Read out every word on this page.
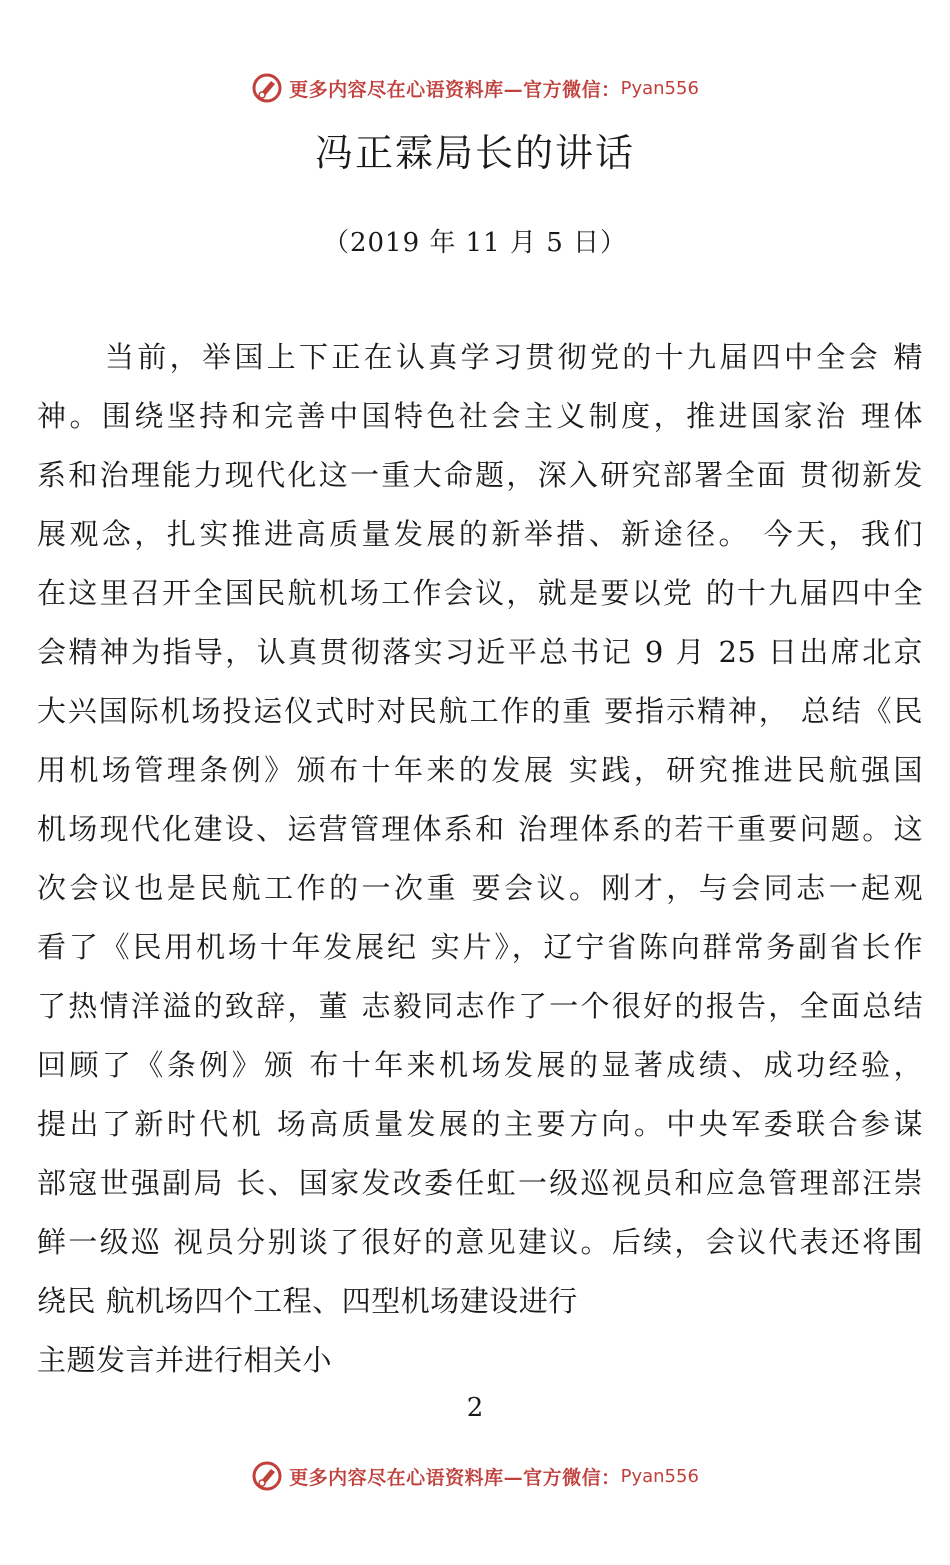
更多内容尽在心语资料库—官方微信： Pyan556
冯正霖局长的讲话
（2019 年 11 月 5 日）
当前，举国上下正在认真学习贯彻党的十九届四中全会 精
神。围绕坚持和完善中国特色社会主义制度，推进国家治 理体
系和治理能力现代化这一重大命题，深入研究部署全面 贯彻新发
展观念，扎实推进高质量发展的新举措、新途径。 今天，我们
在这里召开全国民航机场工作会议，就是要以党 的十九届四中全
会精神为指导，认真贯彻落实习近平总书记 9 月 25 日出席北京
大兴国际机场投运仪式时对民航工作的重 要指示精神， 总结《民
用机场管理条例》颁布十年来的发展 实践，研究推进民航强国
机场现代化建设、运营管理体系和 治理体系的若干重要问题。这
次会议也是民航工作的一次重 要会议。刚才，与会同志一起观
看了《民用机场十年发展纪 实片》，辽宁省陈向群常务副省长作
了热情洋溢的致辞，董 志毅同志作了一个很好的报告，全面总结
回顾了《条例》颁 布十年来机场发展的显著成绩、成功经验，
提出了新时代机 场高质量发展的主要方向。中央军委联合参谋
部寇世强副局 长、国家发改委任虹一级巡视员和应急管理部汪崇
鲜一级巡 视员分别谈了很好的意见建议。后续，会议代表还将围
绕民 航机场四个工程、四型机场建设进行
主题发言并进行相关小
2
更多内容尽在心语资料库—官方微信： Pyan556
